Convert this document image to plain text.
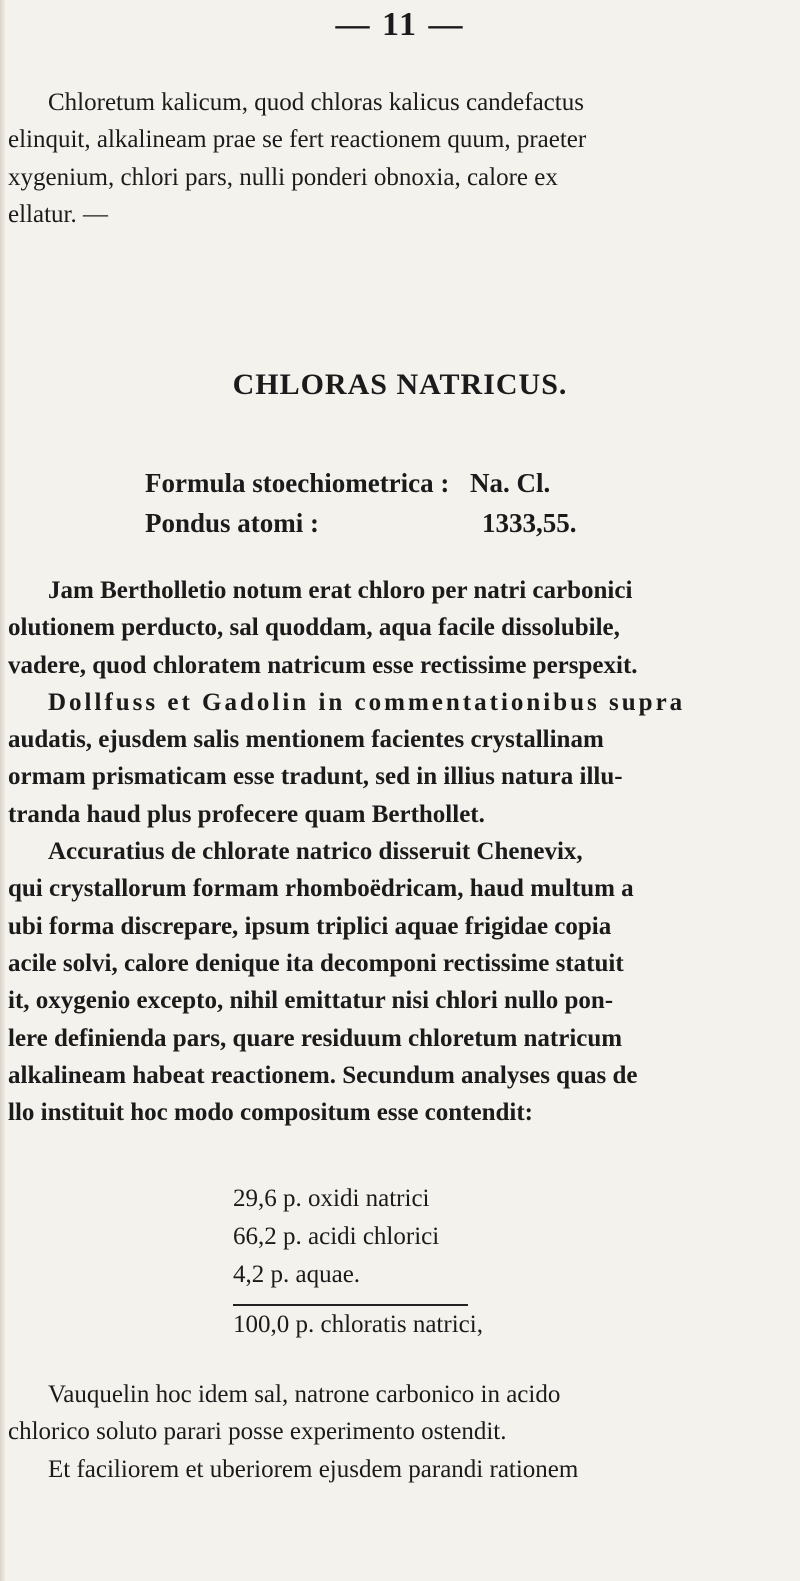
— 11 —
Chloretum kalicum, quod chloras kalicus candefactus
elinquit, alkalineam prae se fert reactionem quum, praeter
xygenium, chlori pars, nulli ponderi obnoxia, calore ex
ellatur. —
CHLORAS NATRICUS.
Formula stoechiometrica : Na. Cl.
Pondus atomi :	1333,55.
Jam Bertholletio notum erat chloro per natri carbonici
olutionem perducto, sal quoddam, aqua facile dissolubile,
vadere, quod chloratem natricum esse rectissime perspexit.
Dollfuss et Gadolin in commentationibus supra
audatis, ejusdem salis mentionem facientes crystallinam
ormam prismaticam esse tradunt, sed in illius natura illu-
tranda haud plus profecere quam Berthollet.
Accuratius de chlorate natrico disseruit Chenevix,
qui crystallorum formam rhomboëdricam, haud multum a
ubi forma discrepare, ipsum triplici aquae frigidae copia
acile solvi, calore denique ita decomponi rectissime statuit
it, oxygenio excepto, nihil emittatur nisi chlori nullo pon-
lere definienda pars, quare residuum chloretum natricum
alkalineam habeat reactionem. Secundum analyses quas de
llo instituit hoc modo compositum esse contendit:
29,6 p. oxidi natrici
66,2 p. acidi chlorici
4,2 p. aquae.
100,0 p. chloratis natrici,
Vauquelin hoc idem sal, natrone carbonico in acido
chlorico soluto parari posse experimento ostendit.
Et faciliorem et uberiorem ejusdem parandi rationem
